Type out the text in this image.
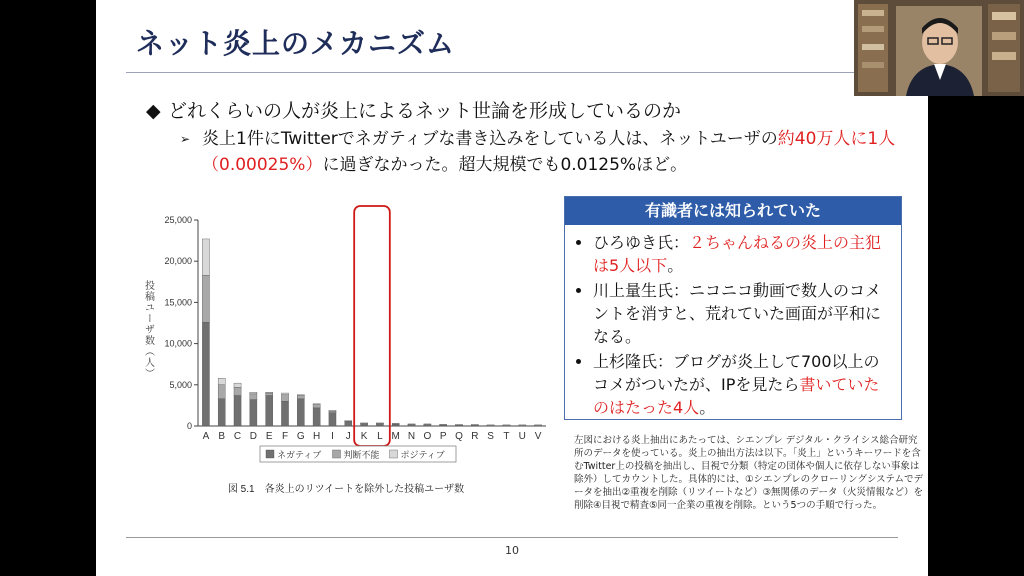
ネット炎上のメカニズム
◆ どれくらいの人が炎上によるネット世論を形成しているのか
➢ 炎上1件にTwitterでネガティブな書き込みをしている人は、ネットユーザの約40万人に1人（0.00025%）に過ぎなかった。超大規模でも0.0125%ほど。
0
5,000
10,000
15,000
20,000
25,000
投稿ユーザ数（人）
A B C D E F G H I J K L M N O P Q R S T U V
ネガティブ 判断不能 ポジティブ
図 5.1　各炎上のリツイートを除外した投稿ユーザ数
有識者には知られていた
• ひろゆき氏：２ちゃんねるの炎上の主犯は5人以下。
• 川上量生氏：ニコニコ動画で数人のコメントを消すと、荒れていた画面が平和になる。
• 上杉隆氏：ブログが炎上して700以上のコメがついたが、IPを見たら書いていたのはたった4人。
左図における炎上抽出にあたっては、シエンプレ デジタル・クライシス総合研究所のデータを使っている。炎上の抽出方法は以下。「炎上」というキーワードを含むTwitter上の投稿を抽出し、目視で分類（特定の団体や個人に依存しない事象は除外）してカウントした。具体的には、①シエンプレのクローリングシステムでデータを抽出②重複を削除（リツイートなど）③無関係のデータ（火災情報など）を削除④目視で精査⑤同一企業の重複を削除。という5つの手順で行った。
10
